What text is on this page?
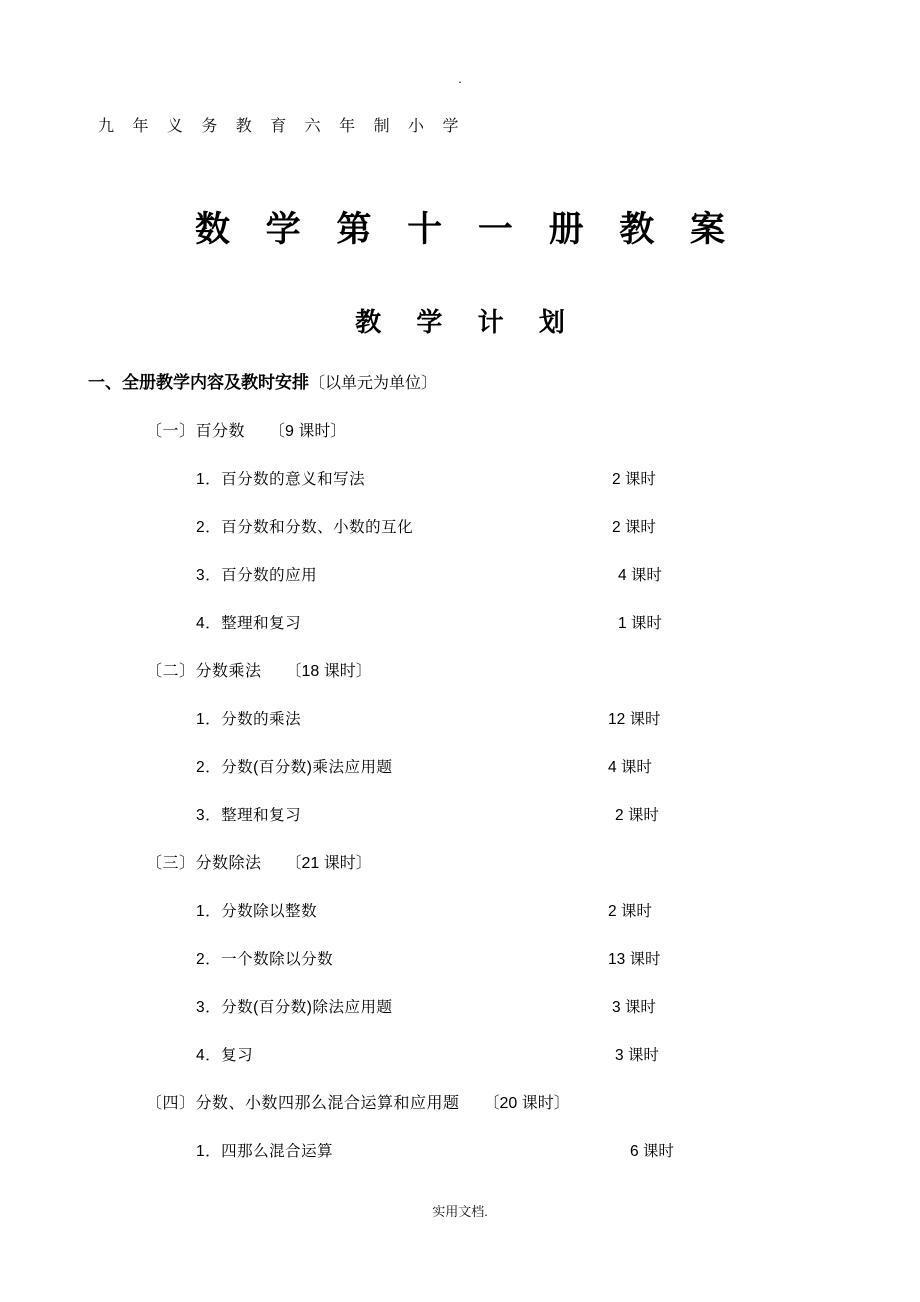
.
九 年 义 务 教 育 六 年 制 小 学
数 学 第 十 一 册 教 案
教 学 计 划
一、全册教学内容及教时安排〔以单元为单位〕
〔一〕百分数 〔9 课时〕
1．百分数的意义和写法	2 课时
2．百分数和分数、小数的互化	2 课时
3．百分数的应用	4 课时
4．整理和复习	1 课时
〔二〕分数乘法 〔18 课时〕
1．分数的乘法	12 课时
2．分数(百分数)乘法应用题	4 课时
3．整理和复习	2 课时
〔三〕分数除法 〔21 课时〕
1．分数除以整数	2 课时
2．一个数除以分数	13 课时
3．分数(百分数)除法应用题	3 课时
4．复习	3 课时
〔四〕分数、小数四那么混合运算和应用题 〔20 课时〕
1．四那么混合运算	6 课时
实用文档.
